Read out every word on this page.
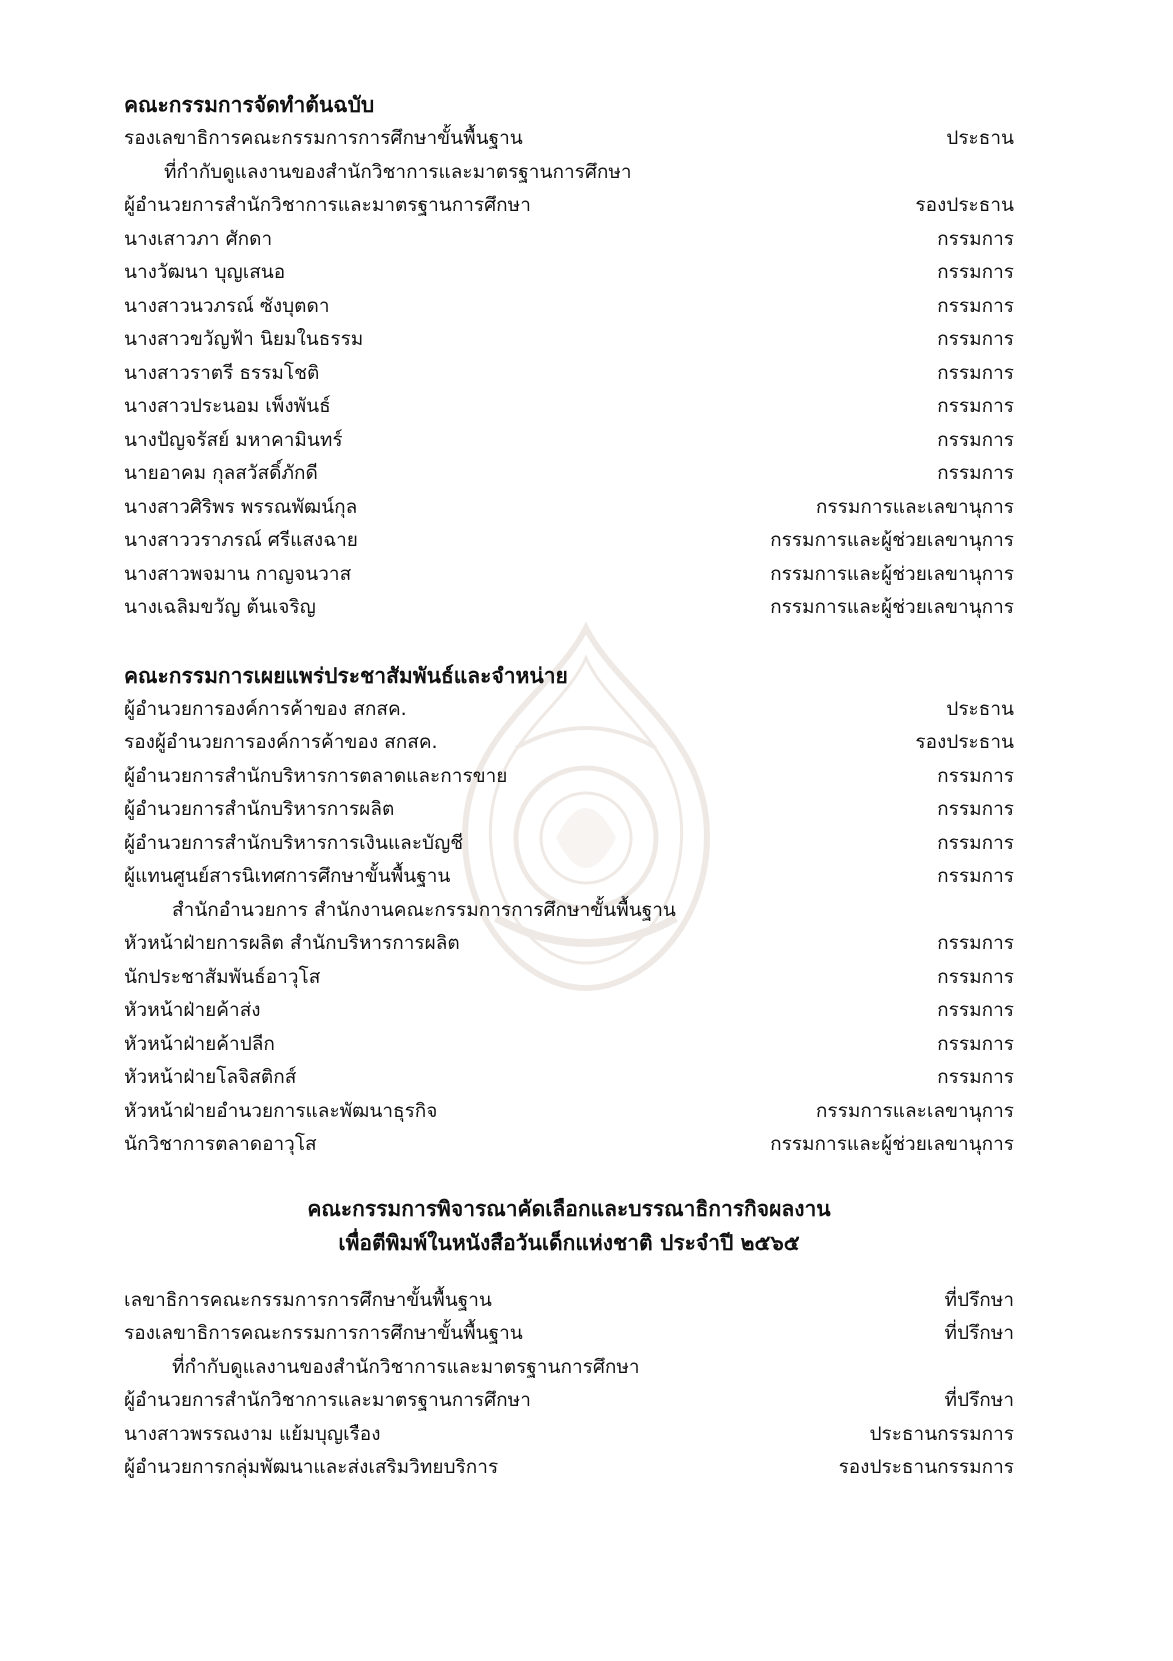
คณะกรรมการจัดทำต้นฉบับ
รองเลขาธิการคณะกรรมการการศึกษาขั้นพื้นฐาน	ประธาน
ที่กำกับดูแลงานของสำนักวิชาการและมาตรฐานการศึกษา
ผู้อำนวยการสำนักวิชาการและมาตรฐานการศึกษา	รองประธาน
นางเสาวภา ศักดา	กรรมการ
นางวัฒนา บุญเสนอ	กรรมการ
นางสาวนวภรณ์ ซังบุตดา	กรรมการ
นางสาวขวัญฟ้า นิยมในธรรม	กรรมการ
นางสาวราตรี ธรรมโชติ	กรรมการ
นางสาวประนอม เพ็งพันธ์	กรรมการ
นางปัญจรัสย์ มหาคามินทร์	กรรมการ
นายอาคม กุลสวัสดิ์ภักดี	กรรมการ
นางสาวศิริพร พรรณพัฒน์กุล	กรรมการและเลขานุการ
นางสาววราภรณ์ ศรีแสงฉาย	กรรมการและผู้ช่วยเลขานุการ
นางสาวพจมาน กาญจนวาส	กรรมการและผู้ช่วยเลขานุการ
นางเฉลิมขวัญ ต้นเจริญ	กรรมการและผู้ช่วยเลขานุการ
คณะกรรมการเผยแพร่ประชาสัมพันธ์และจำหน่าย
ผู้อำนวยการองค์การค้าของ สกสค.	ประธาน
รองผู้อำนวยการองค์การค้าของ สกสค.	รองประธาน
ผู้อำนวยการสำนักบริหารการตลาดและการขาย	กรรมการ
ผู้อำนวยการสำนักบริหารการผลิต	กรรมการ
ผู้อำนวยการสำนักบริหารการเงินและบัญชี	กรรมการ
ผู้แทนศูนย์สารนิเทศการศึกษาขั้นพื้นฐาน	กรรมการ
สำนักอำนวยการ สำนักงานคณะกรรมการการศึกษาขั้นพื้นฐาน
หัวหน้าฝ่ายการผลิต สำนักบริหารการผลิต	กรรมการ
นักประชาสัมพันธ์อาวุโส	กรรมการ
หัวหน้าฝ่ายค้าส่ง	กรรมการ
หัวหน้าฝ่ายค้าปลีก	กรรมการ
หัวหน้าฝ่ายโลจิสติกส์	กรรมการ
หัวหน้าฝ่ายอำนวยการและพัฒนาธุรกิจ	กรรมการและเลขานุการ
นักวิชาการตลาดอาวุโส	กรรมการและผู้ช่วยเลขานุการ
คณะกรรมการพิจารณาคัดเลือกและบรรณาธิการกิจผลงาน
เพื่อตีพิมพ์ในหนังสือวันเด็กแห่งชาติ ประจำปี ๒๕๖๕
เลขาธิการคณะกรรมการการศึกษาขั้นพื้นฐาน	ที่ปรึกษา
รองเลขาธิการคณะกรรมการการศึกษาขั้นพื้นฐาน	ที่ปรึกษา
ที่กำกับดูแลงานของสำนักวิชาการและมาตรฐานการศึกษา
ผู้อำนวยการสำนักวิชาการและมาตรฐานการศึกษา	ที่ปรึกษา
นางสาวพรรณงาม แย้มบุญเรือง	ประธานกรรมการ
ผู้อำนวยการกลุ่มพัฒนาและส่งเสริมวิทยบริการ	รองประธานกรรมการ
